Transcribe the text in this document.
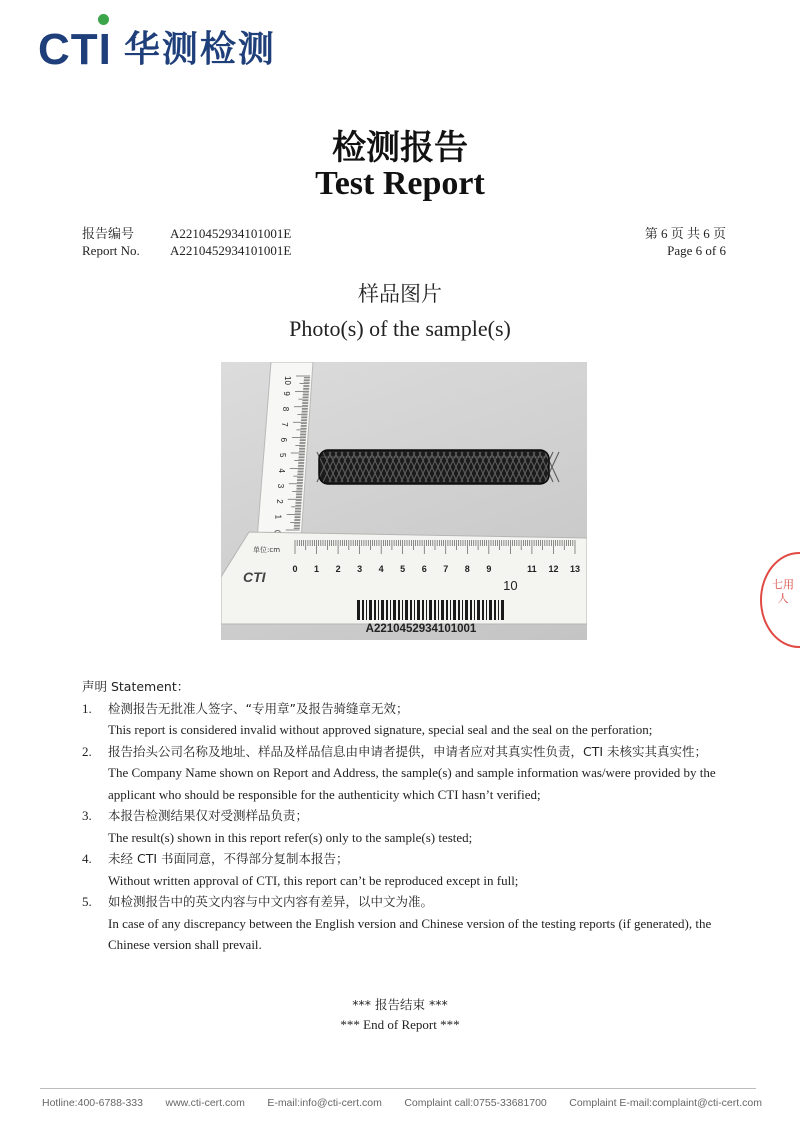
CTI 华测检测
检测报告
Test Report
报告编号	A2210452934101001E
Report No.	A2210452934101001E
第 6 页 共 6 页
Page 6 of 6
样品图片
Photo(s) of the sample(s)
10
9
8
7
6
5
4
3
2
1
0 1 2 3 4 5 6 7 8 9
10
11 12 13
单位:cm
CTI
A2210452934101001
声明 Statement：
1.	检测报告无批准人签字、“专用章”及报告骑缝章无效；
This report is considered invalid without approved signature, special seal and the seal on the perforation;
2.	报告抬头公司名称及地址、样品及样品信息由申请者提供，申请者应对其真实性负责，CTI 未核实其真实性；
The Company Name shown on Report and Address, the sample(s) and sample information was/were provided by the applicant who should be responsible for the authenticity which CTI hasn’t verified;
3.	本报告检测结果仅对受测样品负责；
The result(s) shown in this report refer(s) only to the sample(s) tested;
4.	未经 CTI 书面同意，不得部分复制本报告；
Without written approval of CTI, this report can’t be reproduced except in full;
5.	如检测报告中的英文内容与中文内容有差异，以中文为准。
In case of any discrepancy between the English version and Chinese version of the testing reports (if generated), the Chinese version shall prevail.
*** 报告结束 ***
*** End of Report ***
Hotline:400-6788-333 www.cti-cert.com E-mail:info@cti-cert.com Complaint call:0755-33681700 Complaint E-mail:complaint@cti-cert.com
七用人
